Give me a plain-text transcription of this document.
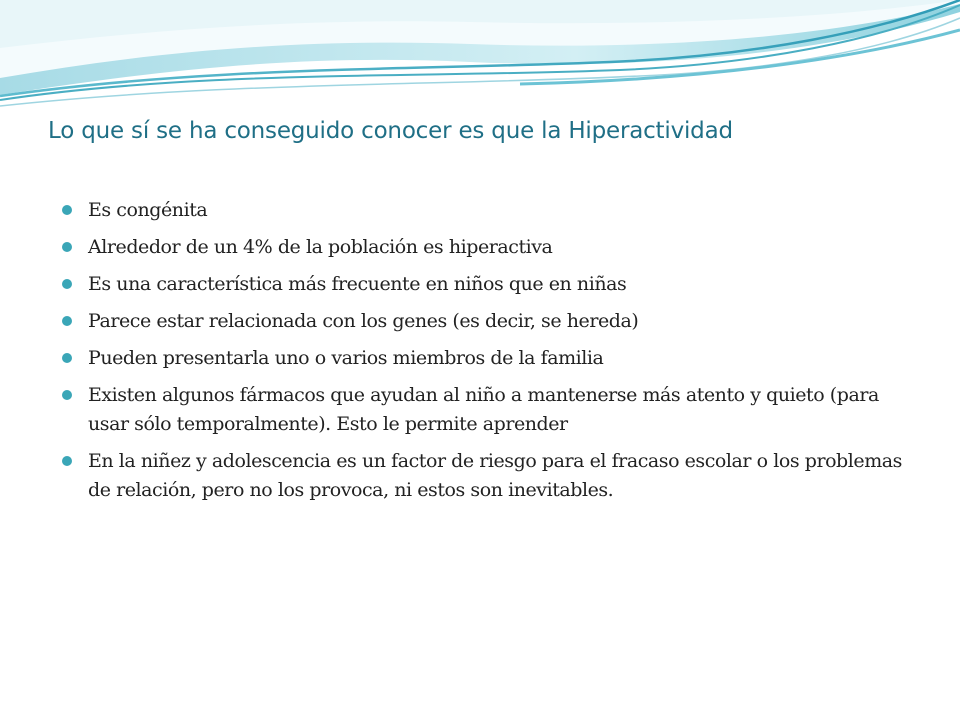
Lo que sí se ha conseguido conocer es que la Hiperactividad
Es congénita
Alrededor de un 4% de la población es hiperactiva
Es una característica más frecuente en niños que en niñas
Parece estar relacionada con los genes (es decir, se hereda)
Pueden presentarla uno o varios miembros de la familia
Existen algunos fármacos que ayudan al niño a mantenerse más atento y quieto (para usar sólo temporalmente). Esto le permite aprender
En la niñez y adolescencia es un factor de riesgo para el fracaso escolar o los problemas de relación, pero no los provoca, ni estos son inevitables.
